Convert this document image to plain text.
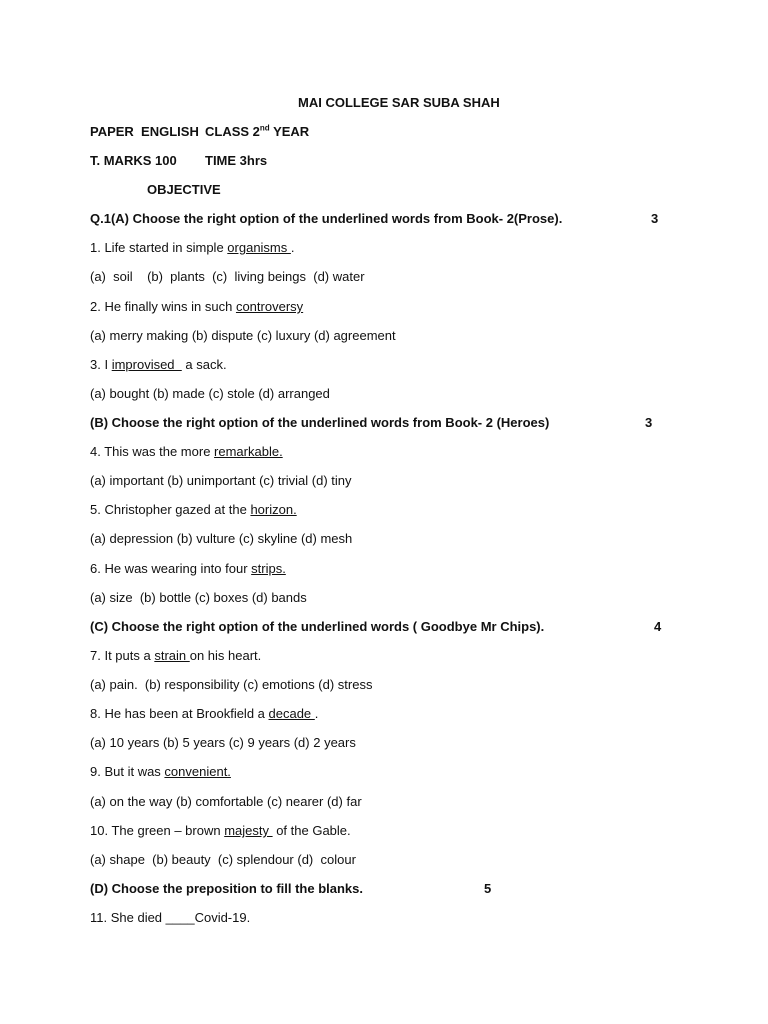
MAI COLLEGE SAR SUBA SHAH
PAPER  ENGLISH CLASS 2nd YEAR
T. MARKS 100 TIME 3hrs
OBJECTIVE
Q.1(A) Choose the right option of the underlined words from Book- 2(Prose).	3
1. Life started in simple organisms .
(a)  soil    (b)  plants  (c)  living beings  (d) water
2. He finally wins in such controversy
(a) merry making (b) dispute (c) luxury (d) agreement
3. I improvised   a sack.
(a) bought (b) made (c) stole (d) arranged
(B) Choose the right option of the underlined words from Book- 2 (Heroes)	3
4. This was the more remarkable.
(a) important (b) unimportant (c) trivial (d) tiny
5. Christopher gazed at the horizon.
(a) depression (b) vulture (c) skyline (d) mesh
6. He was wearing into four strips.
(a) size  (b) bottle (c) boxes (d) bands
(C) Choose the right option of the underlined words ( Goodbye Mr Chips).	4
7. It puts a strain on his heart.
(a) pain.  (b) responsibility (c) emotions (d) stress
8. He has been at Brookfield a decade .
(a) 10 years (b) 5 years (c) 9 years (d) 2 years
9. But it was convenient.
(a) on the way (b) comfortable (c) nearer (d) far
10. The green – brown majesty  of the Gable.
(a) shape  (b) beauty  (c) splendour (d)  colour
(D) Choose the preposition to fill the blanks.	5
11. She died ____Covid-19.
